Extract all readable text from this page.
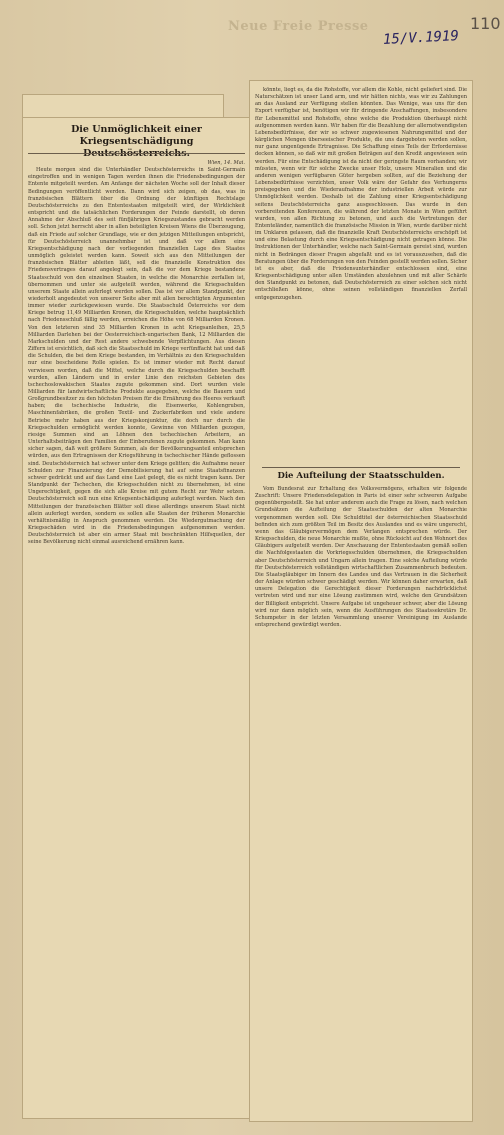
Neue Freie Presse
15/V.1919
110
Die Unmöglichkeit einer Kriegsentschädigung
Wien, 14. Mai.

Heute morgen sind die Unterhändler Deutschösterreichs in Saint-Germain eingetroffen und in wenigen Tagen werden ihnen die Friedensbedingungen der Entente mitgeteilt werden. Am Anfange der nächsten Woche soll der Inhalt dieser Bedingungen veröffentlicht werden. Dann wird sich zeigen, ob das, was in französischen Blättern über die Ordnung der künftigen Rechtslage Deutschösterreichs zu den Ententestaaten mitgeteilt wird, der Wirklichkeit entspricht und die tatsächlichen Forderungen der Feinde darstellt, ob deren Annahme der Abschluß des seit fünfjährigen Kriegszustandes gebracht werden soll. Schon jetzt herrscht aber in allen beteiligten Kreisen Wiens die Überzeugung, daß ein Friede auf solcher Grundlage, wie er den jetzigen Mitteilungen entspricht, für Deutschösterreich unannehmbar ist und daß vor allem eine Kriegsentschädigung nach der vorliegenden finanziellen Lage des Staates unmöglich geleistet werden kann. Soweit sich aus den Mitteilungen der französischen Blätter ableiten läßt, soll die finanzielle Konstruktion des Friedensvertrages darauf angelegt sein, daß die vor dem Kriege bestandene Staatsschuld von den einzelnen Staaten, in welche die Monarchie zerfallen ist, übernommen und unter sie aufgeteilt werden, während die Kriegsschulden unserem Staate allein auferlegt werden sollen. Das ist vor allem Standpunkt, der wiederholt angedeutet von unserer Seite aber mit allen berechtigten Argumenten immer wieder zurückgewiesen wurde. Die Staatsschuld Österreichs vor dem Kriege betrug 11,49 Milliarden Kronen, die Kriegsschulden, welche hauptsächlich nach Friedensschluß fällig werden, erreichen die Höhe von 68 Milliarden Kronen. Von den letzteren sind 35 Milliarden Kronen in acht Kriegsanleihen, 25,5 Milliarden Darlehen bei der Oesterreichisch-ungarischen Bank, 12 Milliarden die Markschulden und der Rest andere schwebende Verpflichtungen. Aus diesen Ziffern ist ersichtlich, daß sich die Staatsschuld im Kriege verfünffacht hat und daß die Schulden, die bei dem Kriege bestanden, im Verhältnis zu den Kriegsschulden nur eine bescheidene Rolle spielen. Es ist immer wieder mit Recht darauf verwiesen worden, daß die Mittel, welche durch die Kriegsschulden beschafft wurden, allen Ländern und in erster Linie den reichsten Gebieten des tschechoslowakischen Staates zugute gekommen sind. Dort wurden viele Milliarden für landwirtschaftliche Produkte ausgegeben, welche die Bauern und Großgrundbesitzer zu den höchsten Preisen für die Ernährung des Heeres verkauft haben; die tschechische Industrie, die Eisenwerke, Kohlengruben, Maschinenfabriken, die großen Textil- und Zuckerfabriken und viele andere Betriebe mehr haben aus der Kriegskonjunktur, die doch nur durch die Kriegsschulden ermöglicht werden konnte, Gewinne von Milliarden gezogen, riesige Summen sind an Löhnen den tschechischen Arbeitern, an Unterhaltsbeiträgen den Familien der Einberufenen zugute gekommen. Man kann sicher sagen, daß weit größere Summen, als der Bevölkerungsanteil entsprechen würden, aus den Ertragnissen der Kriegsführung in tschechischer Hände geflossen sind. Deutschösterreich hat schwer unter dem Kriege gelitten; die Aufnahme neuer Schulden zur Finanzierung der Demobilisierung hat auf seine Staatsfinanzen schwer gedrückt und auf das Land eine Last gelegt, die es nicht tragen kann. Der Standpunkt der Tschechen, die Kriegsschulden nicht zu übernehmen, ist eine Ungerechtigkeit, gegen die sich alle Kreise mit gutem Recht zur Wehr setzen. Deutschösterreich soll nun eine Kriegsentschädigung auferlegt werden. Nach den Mitteilungen der französischen Blätter soll diese allerdings unserem Staat nicht allein auferlegt werden, sondern es sollen alle Staaten der früheren Monarchie verhältnismäßig in Anspruch genommen werden. Die Wiedergutmachung der Kriegsschäden wird in die Friedensbedingungen aufgenommen werden. Deutschösterreich ist aber ein armer Staat mit beschränkten Hilfsquellen, der seine Bevölkerung nicht einmal ausreichend ernähren kann.

könnte, liegt es, da die Rohstoffe, vor allem die Kohle, nicht geliefert sind. Die Naturschätzen ist unser Land arm, und wir hätten nichts, was wir zu Zahlungen an das Ausland zur Verfügung stellen könnten. Das Wenige, was uns für den Export verfügbar ist, benötigen wir für dringende Anschaffungen, insbesondere für Lebensmittel und Rohstoffe, ohne welche die Produktion überhaupt nicht aufgenommen werden kann. Wir haben für die Bezahlung der allernotwendigsten Lebensbedürfnisse, der wir so schwer zugewiesenen Nahrungsmittel und der kärglichen Mengen überseeischer Produkte, die uns dargeboten werden sollen, nur ganz ungenügende Ertragnisse. Die Schaffung eines Teils der Erfordernisse decken können, so daß wir mit großen Beträgen auf den Kredit angewiesen sein werden. Für eine Entschädigung ist da nicht der geringste Raum vorhanden; wir müssten, wenn wir für solche Zwecke unser Holz, unsere Mineralien und die anderen wenigen verfügbaren Güter hergeben sollten, auf die Beziehung der Lebensbedürfnisse verzichten, unser Volk wäre der Gefahr des Verhungerns preisgegeben und die Wiederaufnahme der industriellen Arbeit würde zur Unmöglichkeit werden. Deshalb ist die Zahlung einer Kriegsentschädigung seitens Deutschösterreichs ganz ausgeschlossen. Das wurde in den vorbereitenden Konferenzen, die während der letzten Monate in Wien geführt wurden, von allen Richtung zu betonen, und auch die Vertretungen der Ententeländer, namentlich die französische Mission in Wien, wurde darüber nicht im Unklaren gelassen, daß die finanzielle Kraft Deutschösterreichs erschöpft ist und eine Belastung durch eine Kriegsentschädigung nicht getragen könne. Die Instruktionen der Unterhändler, welche nach Saint-Germain gereist sind, wurden nicht in Bedrängen dieser Fragen abgefaßt und es ist vorauszusehen, daß die Beratungen über die Forderungen von den Feinden gestellt werden sollen. Sicher ist es aber, daß die Friedensunterhändler entschlossen sind, eine Kriegsentschädigung unter allen Umständen abzulehnen und mit aller Schärfe den Standpunkt zu betonen, daß Deutschösterreich zu einer solchen sich nicht entschließen könne, ohne seinen vollständigen finanziellen Zerfall entgegenzugehen.

Die Aufteilung der Staatsschulden.

Vom Bundesrat zur Erhaltung des Volksvermögens, erhalten wir folgende Zuschrift: Unsere Friedensdelegation in Paris ist einer sehr schweren Aufgabe gegenübergestellt. Sie hat unter anderem auch die Frage zu lösen, nach welchen Grundsätzen die Aufteilung der Staatsschulden der alten Monarchie vorgenommen werden soll. Die Schuldtitel der österreichischen Staatsschuld befinden sich zum größten Teil im Besitz des Auslandes und es wäre ungerecht, wenn das Gläubigervermögen dem Verlangen entsprechen würde. Der Kriegsschulden, die neue Monarchie mußte, ohne Rücksicht auf den Wohnort des Gläubigers aufgeteilt werden. Der Anschauung der Ententestaaten gemäß sollen die Nachfolgestaaten die Vorkriegsschulden übernehmen, die Kriegsschulden aber Deutschösterreich und Ungarn allein tragen. Eine solche Aufteilung würde für Deutschösterreich vollständigen wirtschaftlichen Zusammenbruch bedeuten. Die Staatsgläubiger im Innern des Landes und das Vertrauen in die Sicherheit der Anlage würden schwer geschädigt werden. Wir können daher erwarten, daß unsere Delegation die Gerechtigkeit dieser Forderungen nachdrücklichst vertreten wird und nur eine Lösung zustimmen wird, welche den Grundsätzen der Billigkeit entspricht. Unsere Aufgabe ist ungeheuer schwer, aber die Lösung wird nur dann möglich sein, wenn die Ausführungen des Staatssekretärs Dr. Schumpeter in der letzten Versammlung unserer Vereinigung im Auslande entsprechend gewürdigt werden.
